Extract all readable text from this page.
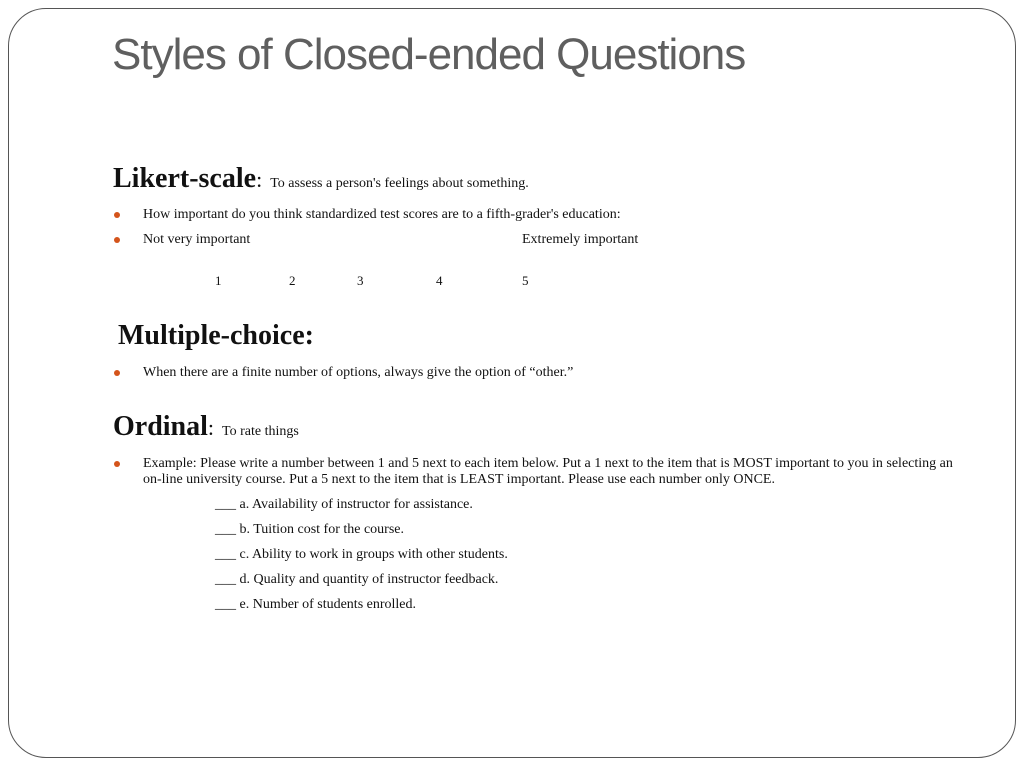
Styles of Closed-ended Questions
Likert-scale: To assess a person's feelings about something.
How important do you think standardized test scores are to a fifth-grader's education:
Not very important	Extremely important
1	2	3	4	5
Multiple-choice:
When there are a finite number of options, always give the option of “other.”
Ordinal: To rate things
Example: Please write a number between 1 and 5 next to each item below. Put a 1 next to the item that is MOST important to you in selecting an on-line university course. Put a 5 next to the item that is LEAST important. Please use each number only ONCE.
___ a. Availability of instructor for assistance.
___ b. Tuition cost for the course.
___ c. Ability to work in groups with other students.
___ d. Quality and quantity of instructor feedback.
___ e. Number of students enrolled.
